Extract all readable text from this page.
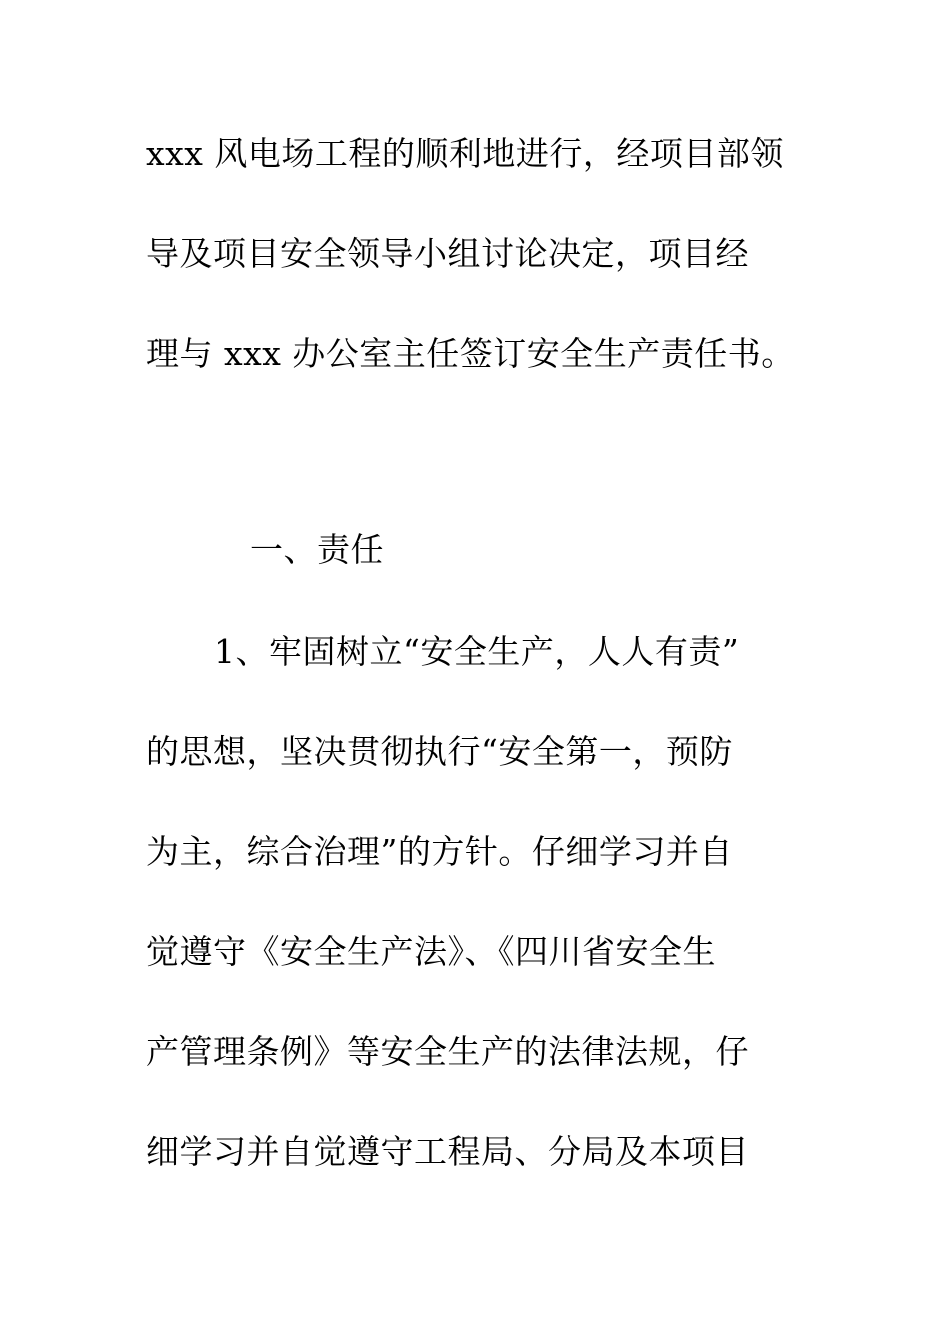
xxx 风电场工程的顺利地进行，经项目部领
导及项目安全领导小组讨论决定，项目经
理与 xxx 办公室主任签订安全生产责任书。
一、责任
1、牢固树立“安全生产，人人有责”
的思想，坚决贯彻执行“安全第一，预防
为主，综合治理”的方针。仔细学习并自
觉遵守《安全生产法》、《四川省安全生
产管理条例》等安全生产的法律法规，仔
细学习并自觉遵守工程局、分局及本项目
